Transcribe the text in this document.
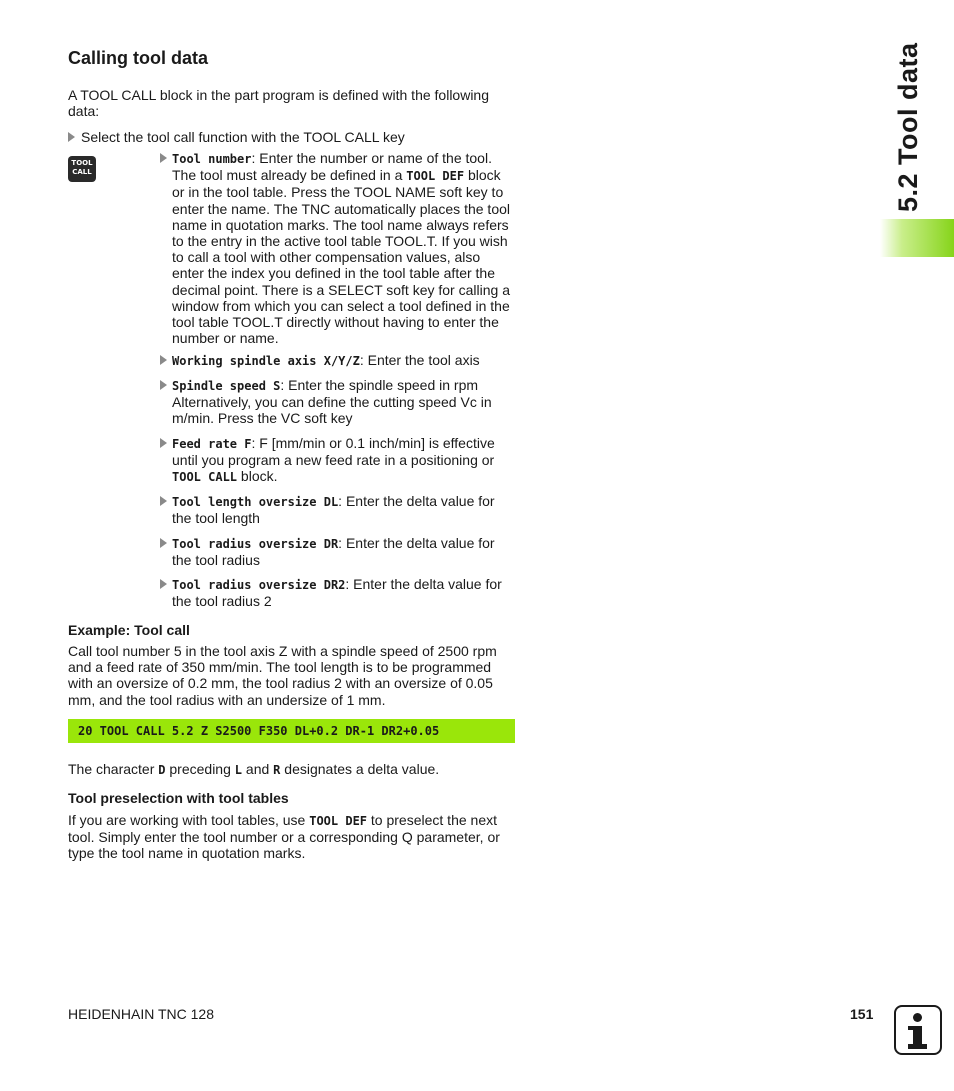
Calling tool data
A TOOL CALL block in the part program is defined with the following data:
Select the tool call function with the TOOL CALL key
TOOL
CALL
Tool number: Enter the number or name of the tool. The tool must already be defined in a TOOL DEF block or in the tool table. Press the TOOL NAME soft key to enter the name. The TNC automatically places the tool name in quotation marks. The tool name always refers to the entry in the active tool table TOOL.T. If you wish to call a tool with other compensation values, also enter the index you defined in the tool table after the decimal point. There is a SELECT soft key for calling a window from which you can select a tool defined in the tool table TOOL.T directly without having to enter the number or name.
Working spindle axis X/Y/Z: Enter the tool axis
Spindle speed S: Enter the spindle speed in rpm Alternatively, you can define the cutting speed Vc in m/min. Press the VC soft key
Feed rate F: F [mm/min or 0.1 inch/min] is effective until you program a new feed rate in a positioning or TOOL CALL block.
Tool length oversize DL: Enter the delta value for the tool length
Tool radius oversize DR: Enter the delta value for the tool radius
Tool radius oversize DR2: Enter the delta value for the tool radius 2
Example: Tool call
Call tool number 5 in the tool axis Z with a spindle speed of 2500 rpm and a feed rate of 350 mm/min. The tool length is to be programmed with an oversize of 0.2 mm, the tool radius 2 with an oversize of 0.05 mm, and the tool radius with an undersize of 1 mm.
20 TOOL CALL 5.2 Z S2500 F350 DL+0.2 DR-1 DR2+0.05
The character D preceding L and R designates a delta value.
Tool preselection with tool tables
If you are working with tool tables, use TOOL DEF to preselect the next tool. Simply enter the tool number or a corresponding Q parameter, or type the tool name in quotation marks.
5.2 Tool data
HEIDENHAIN TNC 128	151
